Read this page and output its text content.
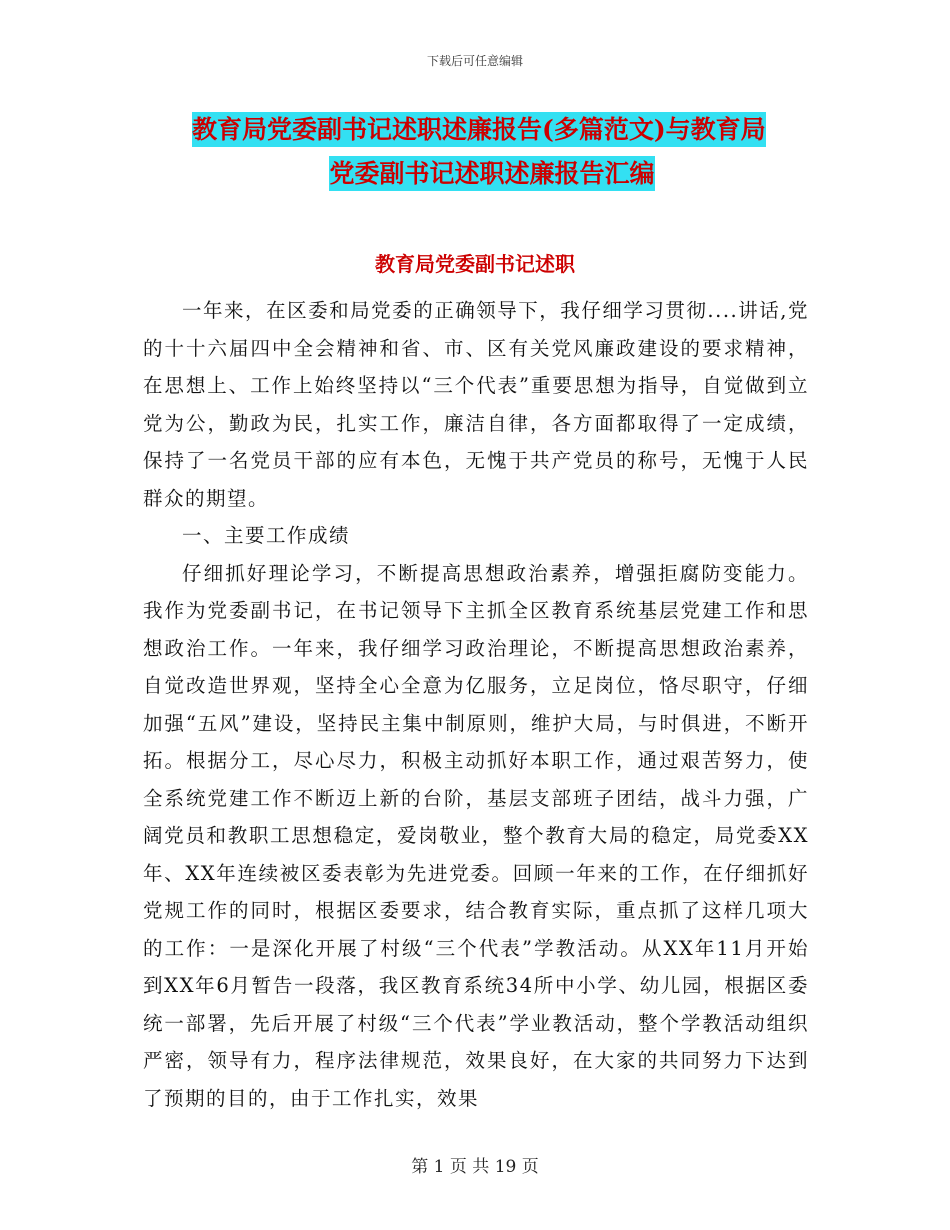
下载后可任意编辑
教育局党委副书记述职述廉报告(多篇范文)与教育局
党委副书记述职述廉报告汇编
教育局党委副书记述职

一年来，在区委和局党委的正确领导下，我仔细学习贯彻....讲话,党的十十六届四中全会精神和省、市、区有关党风廉政建设的要求精神，在思想上、工作上始终坚持以“三个代表”重要思想为指导，自觉做到立党为公，勤政为民，扎实工作，廉洁自律，各方面都取得了一定成绩，保持了一名党员干部的应有本色，无愧于共产党员的称号，无愧于人民群众的期望。

一、主要工作成绩

仔细抓好理论学习，不断提高思想政治素养，增强拒腐防变能力。我作为党委副书记，在书记领导下主抓全区教育系统基层党建工作和思想政治工作。一年来，我仔细学习政治理论，不断提高思想政治素养，自觉改造世界观，坚持全心全意为亿服务，立足岗位，恪尽职守，仔细加强“五风”建设，坚持民主集中制原则，维护大局，与时俱进，不断开拓。根据分工，尽心尽力，积极主动抓好本职工作，通过艰苦努力，使全系统党建工作不断迈上新的台阶，基层支部班子团结，战斗力强，广阔党员和教职工思想稳定，爱岗敬业，整个教育大局的稳定，局党委XX年、XX年连续被区委表彰为先进党委。回顾一年来的工作，在仔细抓好党规工作的同时，根据区委要求，结合教育实际，重点抓了这样几项大的工作：一是深化开展了村级“三个代表”学教活动。从XX年11月开始到XX年6月暂告一段落，我区教育系统34所中小学、幼儿园，根据区委统一部署，先后开展了村级“三个代表”学业教活动，整个学教活动组织严密，领导有力，程序法律规范，效果良好，在大家的共同努力下达到了预期的目的，由于工作扎实，效果

第 1 页 共 19 页
